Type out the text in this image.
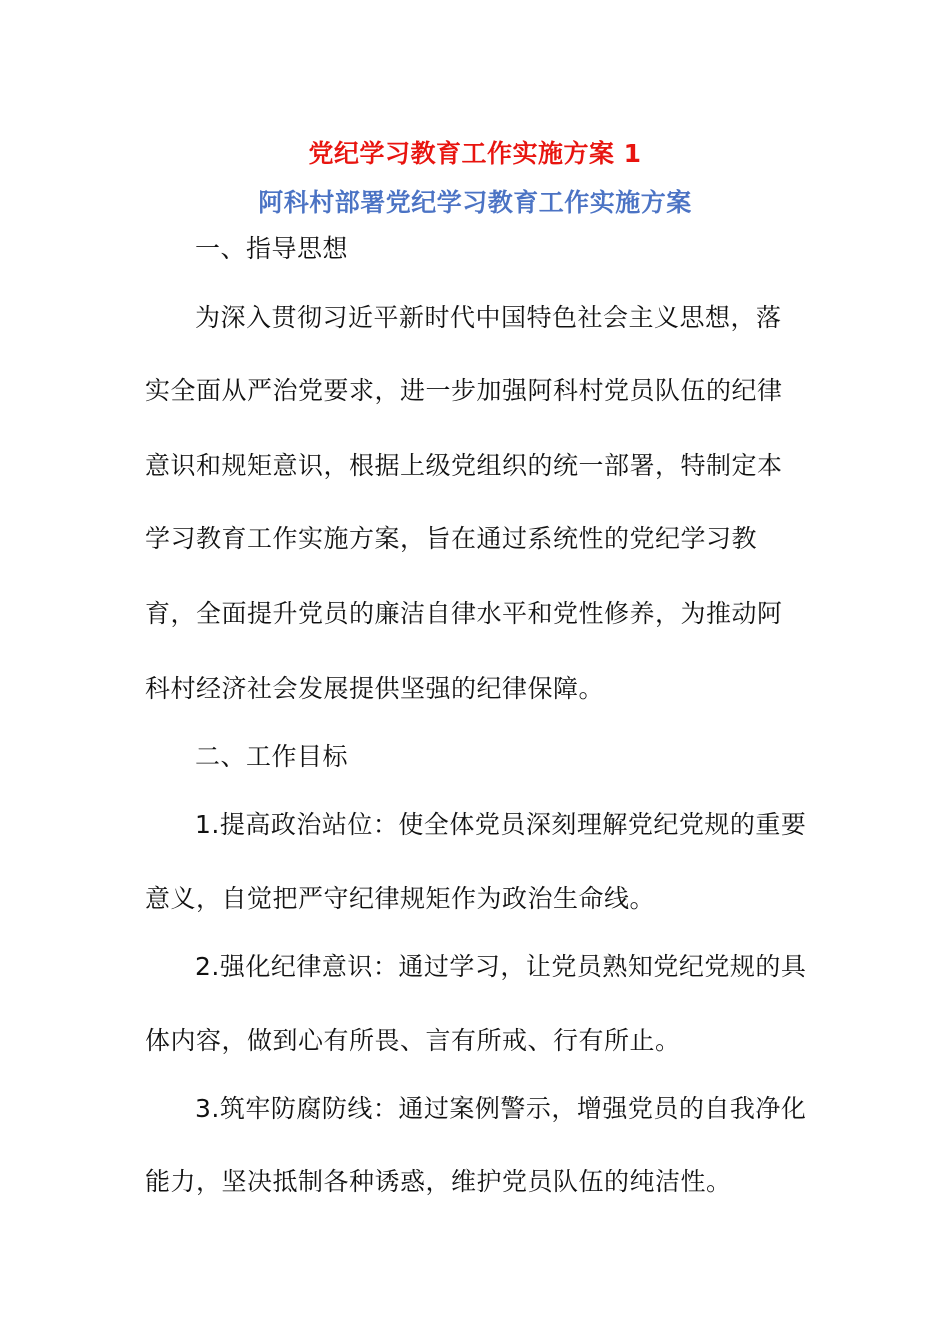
党纪学习教育工作实施方案 1
阿科村部署党纪学习教育工作实施方案
一、指导思想
为深入贯彻习近平新时代中国特色社会主义思想，落
实全面从严治党要求，进一步加强阿科村党员队伍的纪律
意识和规矩意识，根据上级党组织的统一部署，特制定本
学习教育工作实施方案，旨在通过系统性的党纪学习教
育，全面提升党员的廉洁自律水平和党性修养，为推动阿
科村经济社会发展提供坚强的纪律保障。
二、工作目标
1.提高政治站位：使全体党员深刻理解党纪党规的重要
意义，自觉把严守纪律规矩作为政治生命线。
2.强化纪律意识：通过学习，让党员熟知党纪党规的具
体内容，做到心有所畏、言有所戒、行有所止。
3.筑牢防腐防线：通过案例警示，增强党员的自我净化
能力，坚决抵制各种诱惑，维护党员队伍的纯洁性。
